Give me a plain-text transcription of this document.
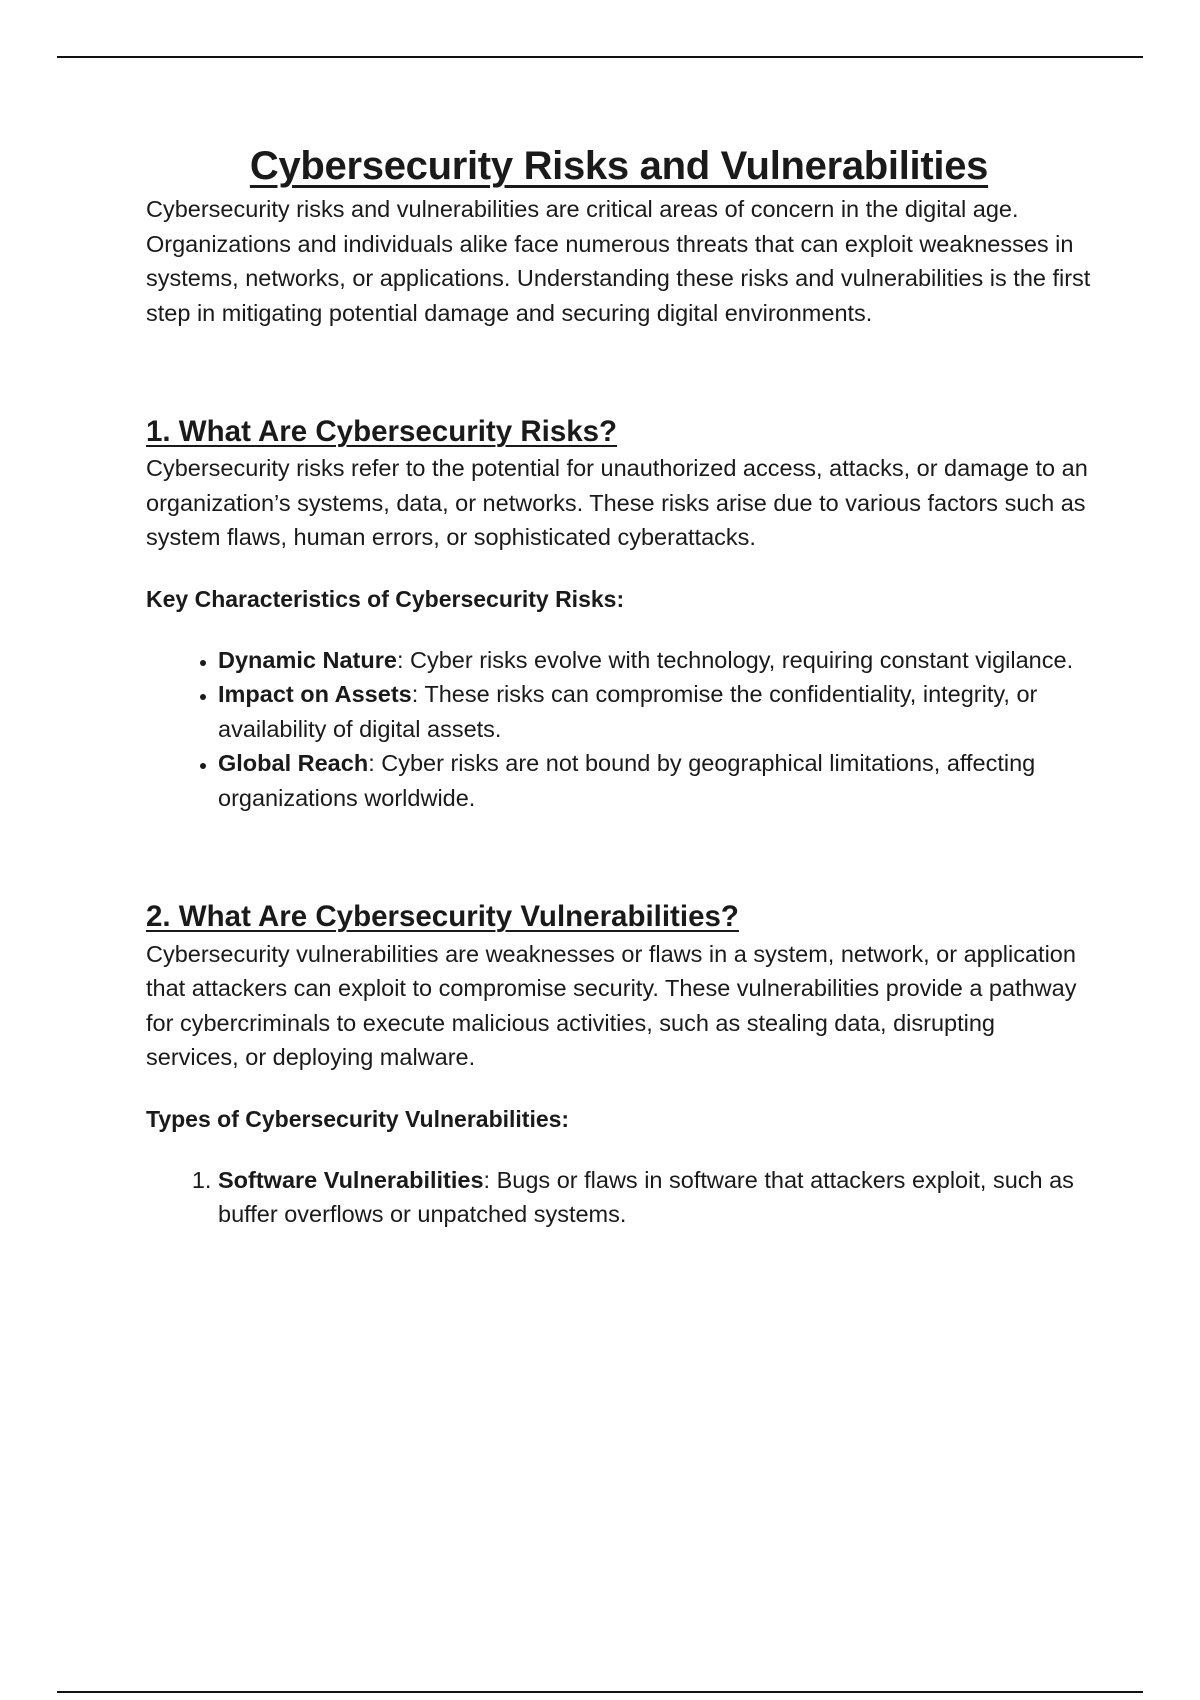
Cybersecurity Risks and Vulnerabilities

Cybersecurity risks and vulnerabilities are critical areas of concern in the digital age. Organizations and individuals alike face numerous threats that can exploit weaknesses in systems, networks, or applications. Understanding these risks and vulnerabilities is the first step in mitigating potential damage and securing digital environments.

1. What Are Cybersecurity Risks?

Cybersecurity risks refer to the potential for unauthorized access, attacks, or damage to an organization’s systems, data, or networks. These risks arise due to various factors such as system flaws, human errors, or sophisticated cyberattacks.

Key Characteristics of Cybersecurity Risks:

• Dynamic Nature: Cyber risks evolve with technology, requiring constant vigilance.
• Impact on Assets: These risks can compromise the confidentiality, integrity, or availability of digital assets.
• Global Reach: Cyber risks are not bound by geographical limitations, affecting organizations worldwide.
2. What Are Cybersecurity Vulnerabilities?

Cybersecurity vulnerabilities are weaknesses or flaws in a system, network, or application that attackers can exploit to compromise security. These vulnerabilities provide a pathway for cybercriminals to execute malicious activities, such as stealing data, disrupting services, or deploying malware.

Types of Cybersecurity Vulnerabilities:

1. Software Vulnerabilities: Bugs or flaws in software that attackers exploit, such as buffer overflows or unpatched systems.
